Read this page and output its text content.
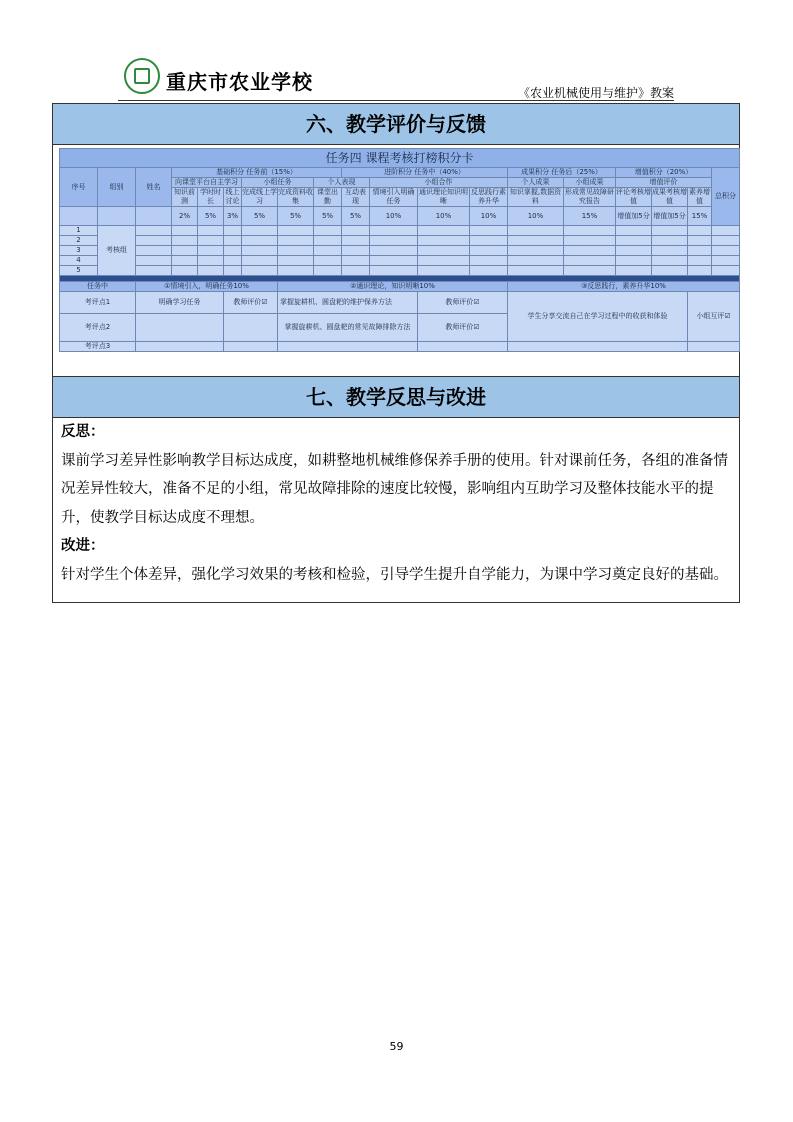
重庆市农业学校	《农业机械使用与维护》教案
六、教学评价与反馈
任务四 课程考核打榜积分卡																			
序号	组别	姓名	基础积分 任务前（15%）						进阶积分 任务中（40%）				成果积分 任务后（25%）		增值积分（20%）			总积分
			向课堂平台自主学习			小组任务		个人表现		小组合作			个人成果	小组成果	增值评价				
			知识前测	学时时长	线上讨论	完成线上学习	完成资料收集	课堂出勤	互动表现	情境引入明确任务	通识理论知识明晰	反思践行素养升华	知识掌握,数据资料	形成常见故障研究报告	评论考核增值	成果考核增值	素养增值		
			2%	5%	3%	5%	5%	5%	5%	10%	10%	10%	10%	15%	增值加5分	增值加5分	15%	
1	考核组																		
2																			
3																			
4																			
5																			

任务中		①情境引入，明确任务10%					②通识理论，知识明晰10%						③反思践行，素养升华10%						
考评点1		明确学习任务			教师评价☑		掌握旋耕机、圆盘耙的维护保养方法				教师评价☑		学生分享交流自己在学习过程中的收获和体验				小组互评☑		
考评点2							掌握旋耕机、圆盘耙的常见故障排除方法				教师评价☑								
考评点3																			
七、教学反思与改进

反思：

课前学习差异性影响教学目标达成度，如耕整地机械维修保养手册的使用。针对课前任务，各组的准备情况差异性较大，准备不足的小组，常见故障排除的速度比较慢，影响组内互助学习及整体技能水平的提升，使教学目标达成度不理想。

改进：

针对学生个体差异，强化学习效果的考核和检验，引导学生提升自学能力，为课中学习奠定良好的基础。

59
